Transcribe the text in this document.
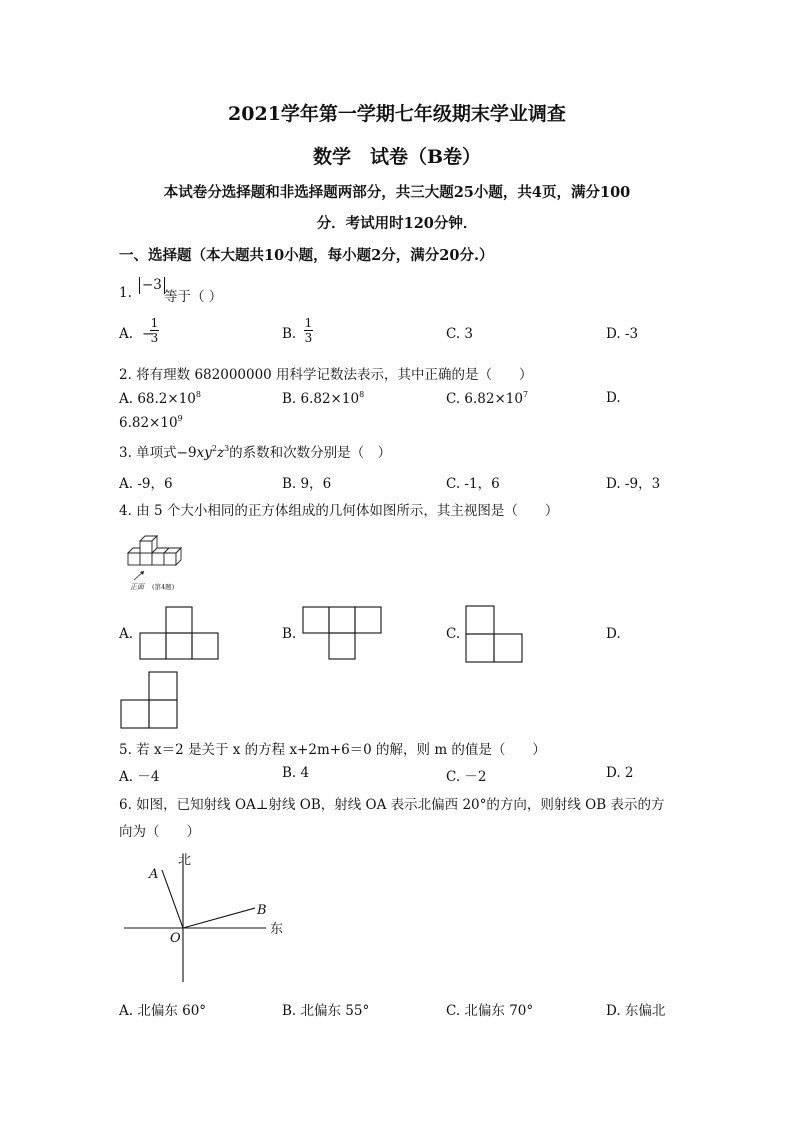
2021学年第一学期七年级期末学业调查
数学　试卷（B卷）
本试卷分选择题和非选择题两部分，共三大题25小题，共4页，满分100
分．考试用时120分钟．
一、选择题（本大题共10小题，每小题2分，满分20分.）
1. −3
等于（ ）
A. −
1
3	B.
1
3	C. 3	D. -3
2. 将有理数 682000000 用科学记数法表示，其中正确的是（　　）
A. $68.2\times 10^8$	B. $6.82\times 10^8$	C. $6.82\times 10^7$	D.
$6.82\times 10^9$
3. 单项式$-9xy^2z^3$的系数和次数分别是（　）
A. -9，6	B. 9，6	C. -1，6	D. -9，3
4. 由 5 个大小相同的正方体组成的几何体如图所示，其主视图是（　　）
正面	(第4题)
A.	B.	C.	D.
5. 若 x＝2 是关于 x 的方程 x+2m+6＝0 的解，则 m 的值是（　　）
A. －4	B. 4	C. －2	D. 2
6. 如图，已知射线 OA⊥射线 OB，射线 OA 表示北偏西 20°的方向，则射线 OB 表示的方
向为（　　）
北
东
A
B
O
A. 北偏东 60°	B. 北偏东 55°	C. 北偏东 70°	D. 东偏北
